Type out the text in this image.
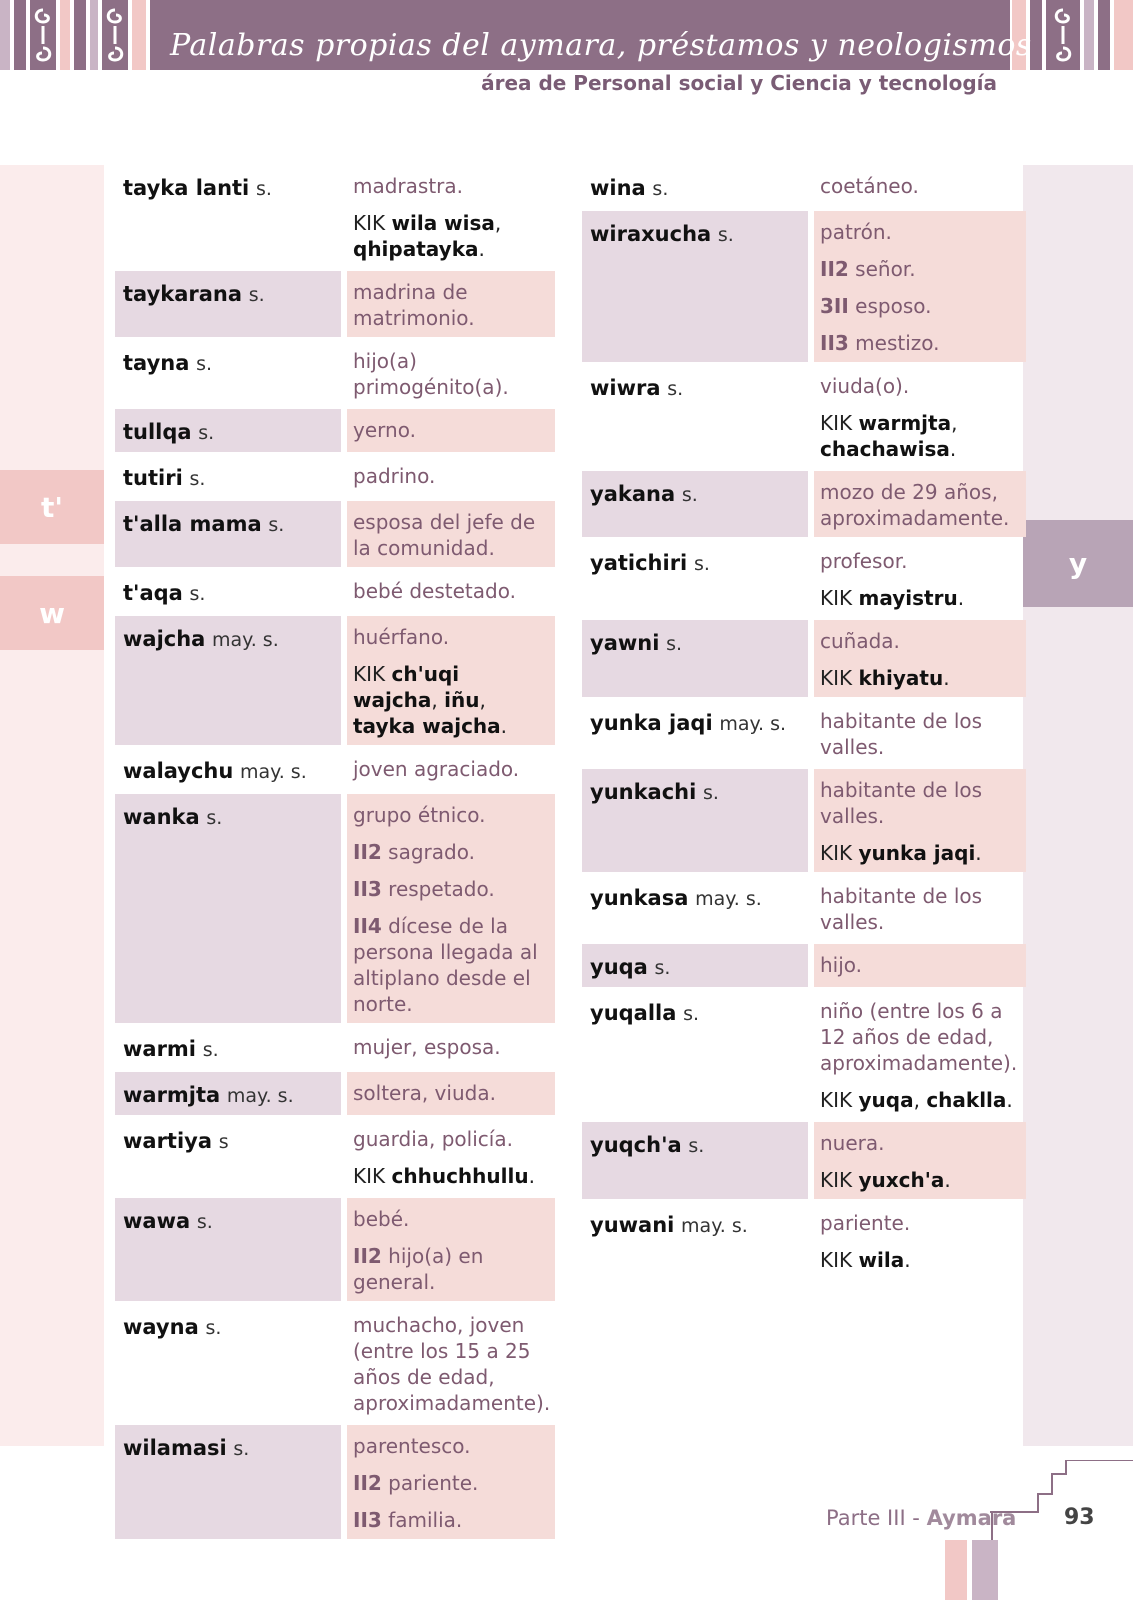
Palabras propias del aymara, préstamos y neologismos
área de Personal social y Ciencia y tecnología
t'
w
y
tayka lanti s.	madrastra.
KIK wila wisa, qhipatayka.
taykarana s.	madrina de matrimonio.
tayna s.	hijo(a) primogénito(a).
tullqa s.	yerno.
tutiri s.	padrino.
t'alla mama s.	esposa del jefe de la comunidad.
t'aqa s.	bebé destetado.
wajcha may. s.	huérfano.
KIK ch'uqi wajcha, iñu, tayka wajcha.
walaychu may. s.	joven agraciado.
wanka s.	grupo étnico.
II2 sagrado.
II3 respetado.
II4 dícese de la persona llegada al altiplano desde el norte.
warmi s.	mujer, esposa.
warmjta may. s.	soltera, viuda.
wartiya s	guardia, policía.
KIK chhuchhullu.
wawa s.	bebé.
II2 hijo(a) en general.
wayna s.	muchacho, joven (entre los 15 a 25 años de edad, aproximadamente).
wilamasi s.	parentesco.
II2 pariente.
II3 familia.
wina s.	coetáneo.
wiraxucha s.	patrón.
II2 señor.
3II esposo.
II3 mestizo.
wiwra s.	viuda(o).
KIK warmjta, chachawisa.
yakana s.	mozo de 29 años, aproximadamente.
yatichiri s.	profesor.
KIK mayistru.
yawni s.	cuñada.
KIK khiyatu.
yunka jaqi may. s.	habitante de los valles.
yunkachi s.	habitante de los valles.
KIK yunka jaqi.
yunkasa may. s.	habitante de los valles.
yuqa s.	hijo.
yuqalla s.	niño (entre los 6 a 12 años de edad, aproximadamente).
KIK yuqa, chaklla.
yuqch'a s.	nuera.
KIK yuxch'a.
yuwani may. s.	pariente.
KIK wila.
Parte III - Aymara 93
